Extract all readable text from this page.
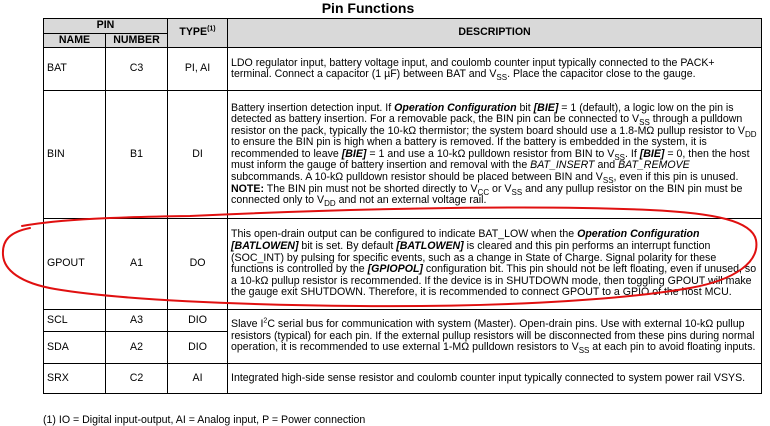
Pin Functions
PIN		TYPE$^{(1)}$	DESCRIPTION
NAME	NUMBER		
BAT	C3	PI, AI	LDO regulator input, battery voltage input, and coulomb counter input typically connected to the PACK+ terminal. Connect a capacitor (1 µF) between BAT and $V_{SS}$. Place the capacitor close to the gauge.
BIN	B1	DI	Battery insertion detection input. If Operation Configuration bit [BIE] = 1 (default), a logic low on the pin is detected as battery insertion. For a removable pack, the BIN pin can be connected to $V_{SS}$ through a pulldown resistor on the pack, typically the 10-kΩ thermistor; the system board should use a 1.8-MΩ pullup resistor to $V_{DD}$ to ensure the BIN pin is high when a battery is removed. If the battery is embedded in the system, it is recommended to leave [BIE] = 1 and use a 10-kΩ pulldown resistor from BIN to $V_{SS}$. If [BIE] = 0, then the host must inform the gauge of battery insertion and removal with the BAT_INSERT and BAT_REMOVE subcommands. A 10-kΩ pulldown resistor should be placed between BIN and $V_{SS}$, even if this pin is unused.
NOTE: The BIN pin must not be shorted directly to $V_{CC}$ or $V_{SS}$ and any pullup resistor on the BIN pin must be connected only to $V_{DD}$ and not an external voltage rail.
GPOUT	A1	DO	This open-drain output can be configured to indicate BAT_LOW when the Operation Configuration [BATLOWEN] bit is set. By default [BATLOWEN] is cleared and this pin performs an interrupt function (SOC_INT) by pulsing for specific events, such as a change in State of Charge. Signal polarity for these functions is controlled by the [GPIOPOL] configuration bit. This pin should not be left floating, even if unused, so a 10-kΩ pullup resistor is recommended. If the device is in SHUTDOWN mode, then toggling GPOUT will make the gauge exit SHUTDOWN. Therefore, it is recommended to connect GPOUT to a GPIO of the host MCU.
SCL	A3	DIO	Slave $I^2C$ serial bus for communication with system (Master). Open-drain pins. Use with external 10-kΩ pullup resistors (typical) for each pin. If the external pullup resistors will be disconnected from these pins during normal operation, it is recommended to use external 1-MΩ pulldown resistors to $V_{SS}$ at each pin to avoid floating inputs.
SDA	A2	DIO	
SRX	C2	AI	Integrated high-side sense resistor and coulomb counter input typically connected to system power rail VSYS.
(1) IO = Digital input-output, AI = Analog input, P = Power connection
